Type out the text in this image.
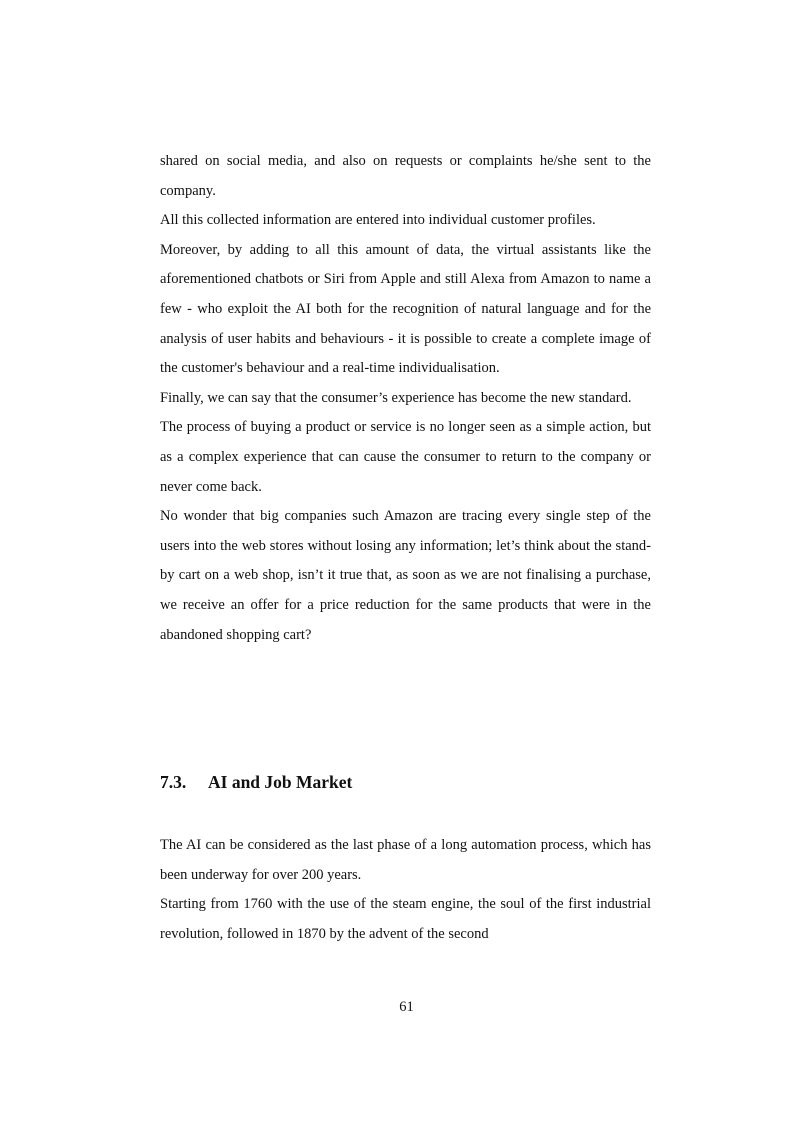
shared on social media, and also on requests or complaints he/she sent to the company.

All this collected information are entered into individual customer profiles.

Moreover, by adding to all this amount of data, the virtual assistants like the aforementioned chatbots or Siri from Apple and still Alexa from Amazon to name a few - who exploit the AI both for the recognition of natural language and for the analysis of user habits and behaviours - it is possible to create a complete image of the customer's behaviour and a real-time individualisation.

Finally, we can say that the consumer’s experience has become the new standard.

The process of buying a product or service is no longer seen as a simple action, but as a complex experience that can cause the consumer to return to the company or never come back.

No wonder that big companies such Amazon are tracing every single step of the users into the web stores without losing any information; let’s think about the stand-by cart on a web shop, isn’t it true that, as soon as we are not finalising a purchase, we receive an offer for a price reduction for the same products that were in the abandoned shopping cart?

7.3. AI and Job Market

The AI can be considered as the last phase of a long automation process, which has been underway for over 200 years.

Starting from 1760 with the use of the steam engine, the soul of the first industrial revolution, followed in 1870 by the advent of the second

61
